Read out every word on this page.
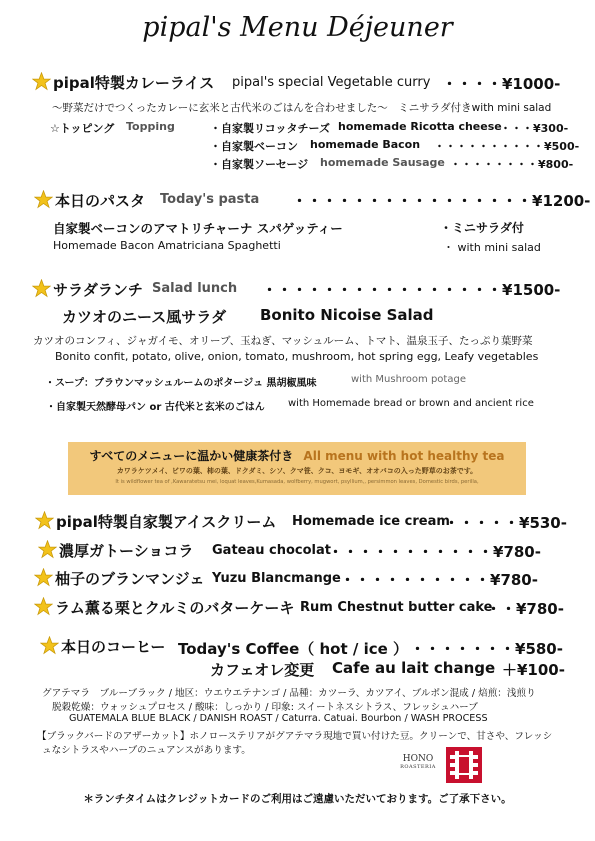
pipal's Menu Déjeuner
pipal特製カレーライス pipal's special Vegetable curry ・・・・¥1000-
〜野菜だけでつくったカレーに玄米と古代米のごはんを合わせました〜　ミニサラダ付きwith mini salad
☆トッピング Topping	・自家製リコッタチーズ homemade Ricotta cheese
・・・¥300-
・自家製ベーコン homemade Bacon ・・・・・・・・・・¥500-
・自家製ソーセージ homemade Sausage ・・・・・・・・¥800-
本日のパスタ Today's pasta ・・・・・・・・・・・・・・・・¥1200-
自家製ベーコンのアマトリチャーナ スパゲッティー	・ミニサラダ付
Homemade Bacon Amatriciana Spaghetti	・ with mini salad
サラダランチ Salad lunch ・・・・・・・・・・・・・・・・¥1500-
カツオのニース風サラダ Bonito Nicoise Salad
カツオのコンフィ、ジャガイモ、オリーブ、玉ねぎ、マッシュルーム、トマト、温泉玉子、たっぷり葉野菜
Bonito confit, potato, olive, onion, tomato, mushroom, hot spring egg, Leafy vegetables
・スープ：ブラウンマッシュルームのポタージュ 黒胡椒風味	with Mushroom potage
・自家製天然酵母パン or 古代米と玄米のごはん with Homemade bread or brown and ancient rice
すべてのメニューに温かい健康茶付き All menu with hot healthy tea
カワラケツメイ、ビワの葉、柿の葉、ドクダミ、シソ、クマ笹、クコ、ヨモギ、オオバコの入った野草のお茶です。
It is wildflower tea of ,Kawaratetsu mei, loquat leaves,Kumasada, wolfberry, mugwort, psyllium,, persimmon leaves, Domestic birds, perilla,
pipal特製自家製アイスクリーム Homemade ice cream
・・・・・¥530-
濃厚ガトーショコラ Gateau chocolat
・・・・・・・・・・・¥780-
柚子のブランマンジェ Yuzu Blancmange ・・・・・・・・・・¥780-
ラム薫る栗とクルミのバターケーキ Rum Chestnut butter cake
・・¥780-
本日のコーヒー Today's Coffee（ hot / ice ） ・・・・・・・¥580-
カフェオレ変更 Cafe au lait change ＋¥100-
グアテマラ　ブルーブラック / 地区：ウエウエテナンゴ / 品種：カツーラ、カツアイ、ブルボン混成 / 焙煎：浅煎り
脱穀乾燥：ウォッシュプロセス / 酸味：しっかり / 印象: スイートネスシトラス、フレッシュハーブ
GUATEMALA BLUE BLACK / DANISH ROAST / Caturra. Catuai. Bourbon / WASH PROCESS
【ブラックバードのアザーカット】ホノローステリアがグアテマラ現地で買い付けた豆。クリーンで、甘さや、フレッシ
ュなシトラスやハーブのニュアンスがあります。
HONO
ROASTERIA
＊ランチタイムはクレジットカードのご利用はご遠慮いただいております。ご了承下さい。
